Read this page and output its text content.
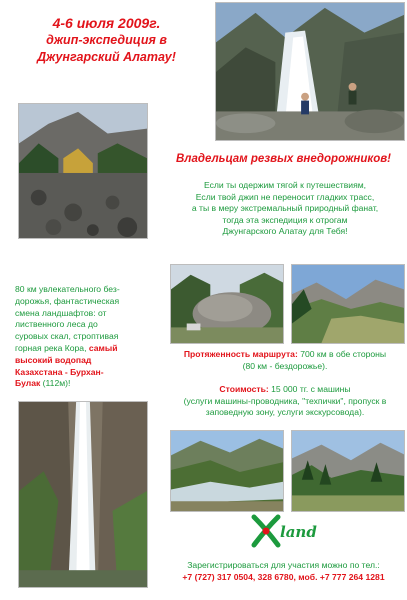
4-6 июля 2009г.
джип-экспедиция в
Джунгарский Алатау!
Владельцам резвых внедорожников!
Если ты одержим тягой к путешествиям,
Если твой джип не переносит гладких трасс,
а ты в меру экстремальный природный фанат,
тогда эта экспедиция к отрогам
Джунгарского Алатау для Тебя!
80 км увлекательного без-
дорожья, фантастическая
смена ландшафтов: от
лиственного леса до
суровых скал, строптивая
горная река Кора, самый
высокий водопад
Казахстана - Бурхан-
Булак (112м)!
Протяженность маршрута: 700 км в обе стороны
(80 км - бездорожье).
Стоимость: 15 000 тг. с машины
(услуги машины-проводника, "техпички", пропуск в
заповедную зону, услуги экскурсовода).
land
Зарегистрироваться для участия можно по тел.:
+7 (727) 317 0504, 328 6780, моб. +7 777 264 1281
